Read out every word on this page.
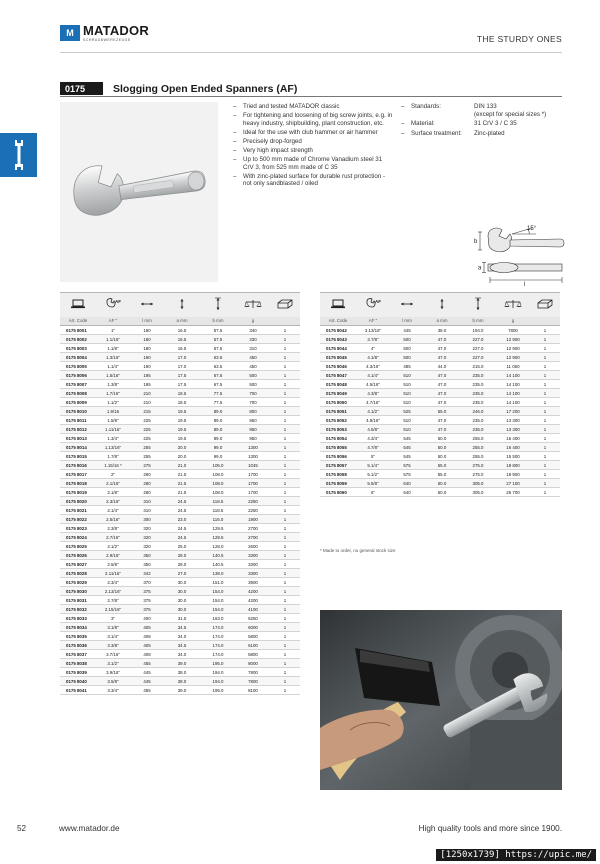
M MATADOR
SCHRAUBWERKZEUGE	THE STURDY ONES
0175	Slogging Open Ended Spanners (AF)
– Tried and tested MATADOR classic
– For tightening and loosening of big screw joints, e.g. in heavy industry, shipbuilding, plant construction, etc.
– Ideal for the use with club hammer or air hammer
– Precisely drop-forged
– Very high impact strength
– Up to 500 mm made of Chrome Vanadium steel 31 CrV 3, from 525 mm made of C 35
– With zinc-plated surface for durable rust protection - not only sandblasted / oiled
– Standards:	DIN 133
(except for special sizes *)
– Material:	31 CrV 3 / C 35
– Surface treatment:	Zinc-plated
15°
b
l
a

AF

Art. Code	AF "	l mm	a mm	b mm	g	
0175 8001	1"	180	16.5	57.5	340	1
0175 8002	1.1/16"	180	16.5	57.5	330	1
0175 8003	1.1/8"	180	16.5	57.5	310	1
0175 8004	1.3/16"	190	17.0	63.5	450	1
0175 8005	1.1/4"	190	17.0	63.5	450	1
0175 8006	1.5/16"	195	17.5	67.5	500	1
0175 8007	1.3/8"	195	17.5	67.5	500	1
0175 8008	1.7/16"	210	18.5	77.5	700	1
0175 8009	1.1/2"	210	18.5	77.5	700	1
0175 8010	1.9/16	215	19.5	89.0	800	1
0175 8011	1.5/8"	225	19.5	89.0	950	1
0175 8012	1.11/16"	225	19.5	89.0	950	1
0175 8013	1.3/4"	225	19.5	89.0	950	1
0175 8014	1.13/16"	255	20.0	99.0	1300	1
0175 8015	1.7/8"	255	20.0	99.0	1300	1
0175 8016	1.15/16 *	275	21.0	105.0	1045	1
0175 8017	2"	280	21.5	108.0	1700	1
0175 8018	2.1/16"	280	21.5	108.0	1700	1
0175 8019	2.1/8"	280	21.5	108.0	1700	1
0175 8020	2.3/16"	310	24.5	118.5	2250	1
0175 8021	2.1/4"	310	24.5	118.5	2250	1
0175 8022	2.5/16"	300	23.0	116.0	1900	1
0175 8023	2.3/8"	320	24.5	129.5	2700	1
0175 8024	2.7/16"	320	24.5	129.5	2700	1
0175 8025	2.1/2"	320	25.0	128.0	2600	1
0175 8026	2.9/16"	350	28.0	140.5	3300	1
0175 8027	2.5/8"	350	28.0	140.5	3300	1
0175 8028	2.11/16"	342	27.0	138.0	3300	1
0175 8029	2.3/4"	370	30.0	151.0	3900	1
0175 8030	2.13/16"	375	30.0	154.0	4200	1
0175 8031	2.7/8"	375	30.0	154.0	4200	1
0175 8032	2.15/16"	375	30.0	154.0	4100	1
0175 8033	3"	400	31.5	163.0	5250	1
0175 8034	3.1/8"	405	34.5	174.0	6000	1
0175 8035	3.1/4"	408	34.0	174.0	5800	1
0175 8036	3.3/8"	405	34.5	174.0	6100	1
0175 8037	3.7/16"	408	34.0	174.0	5800	1
0175 8038	3.1/2"	455	39.0	195.0	8000	1
0175 8039	3.9/16"	445	38.0	194.0	7800	1
0175 8040	3.5/8"	445	38.0	194.0	7800	1
0175 8041	3.3/4"	455	39.0	195.0	8100	1

AF

Art. Code	AF "	l mm	a mm	b mm	g	
0175 8042	3.13/16"	445	38.0	194.0	7800	1
0175 8043	3.7/8"	500	47.0	227.0	12 900	1
0175 8044	4"	500	47.0	227.0	12 900	1
0175 8045	4.1/8"	500	47.0	227.0	12 900	1
0175 8046	4.3/16"	485	44.0	215.0	11 050	1
0175 8047	4.1/4"	510	47.0	235.0	14 100	1
0175 8048	4.5/16"	510	47.0	235.0	14 100	1
0175 8049	4.3/8"	510	47.0	235.0	14 100	1
0175 8050	4.7/16"	510	47.0	235.0	14 100	1
0175 8051	4.1/2"	525	55.0	246.0	17 200	1
0175 8052	4.9/16"	510	47.0	235.0	13 300	1
0175 8053	4.5/8"	510	47.0	235.0	13 300	1
0175 8054	4.3/4"	545	50.0	255.0	16 400	1
0175 8055	4.7/8"	545	50.0	255.0	16 400	1
0175 8056	5"	545	50.0	255.0	15 500	1
0175 8057	5.1/4"	575	55.0	275.0	19 800	1
0175 8058	5.1/2"	575	55.0	275.0	18 900	1
0175 8059	5.5/8"	640	60.0	305.0	27 100	1
0175 8060	6"	640	60.0	305.0	26 700	1
* Made to order, no general stock size
52	www.matador.de	High quality tools and more since 1900.
[1250x1739] https://upic.me/
